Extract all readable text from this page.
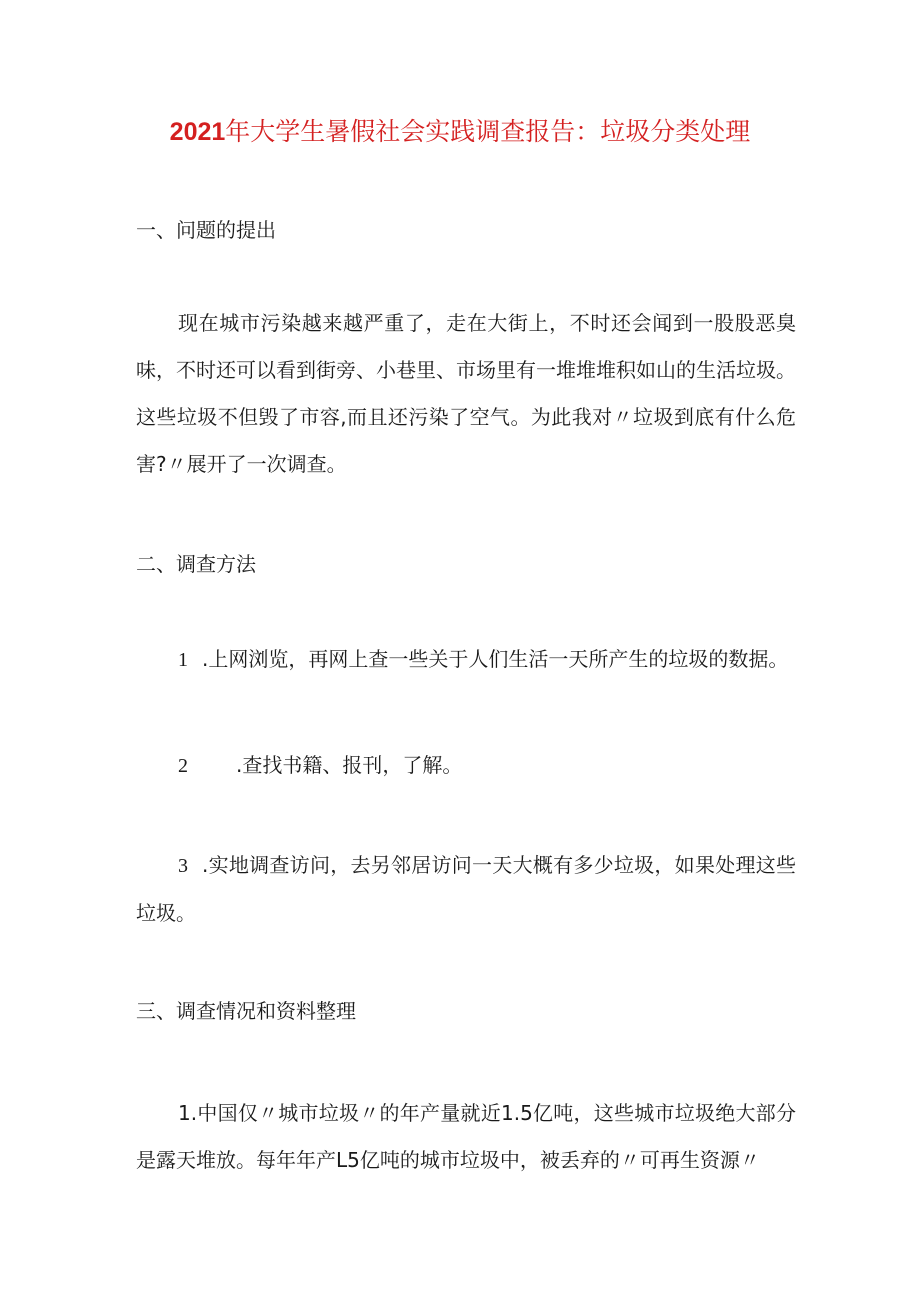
2021年大学生暑假社会实践调查报告：垃圾分类处理
一、问题的提出
现在城市污染越来越严重了，走在大街上，不时还会闻到一股股恶臭味，不时还可以看到街旁、小巷里、市场里有一堆堆堆积如山的生活垃圾。这些垃圾不但毁了市容,而且还污染了空气。为此我对〃垃圾到底有什么危害?〃展开了一次调查。
二、调查方法
1 .上网浏览，再网上查一些关于人们生活一天所产生的垃圾的数据。
2 .查找书籍、报刊，了解。
3 .实地调查访问，去另邻居访问一天大概有多少垃圾，如果处理这些垃圾。
三、调查情况和资料整理
1.中国仅〃城市垃圾〃的年产量就近1.5亿吨，这些城市垃圾绝大部分是露天堆放。每年年产L5亿吨的城市垃圾中，被丢弃的〃可再生资源〃
